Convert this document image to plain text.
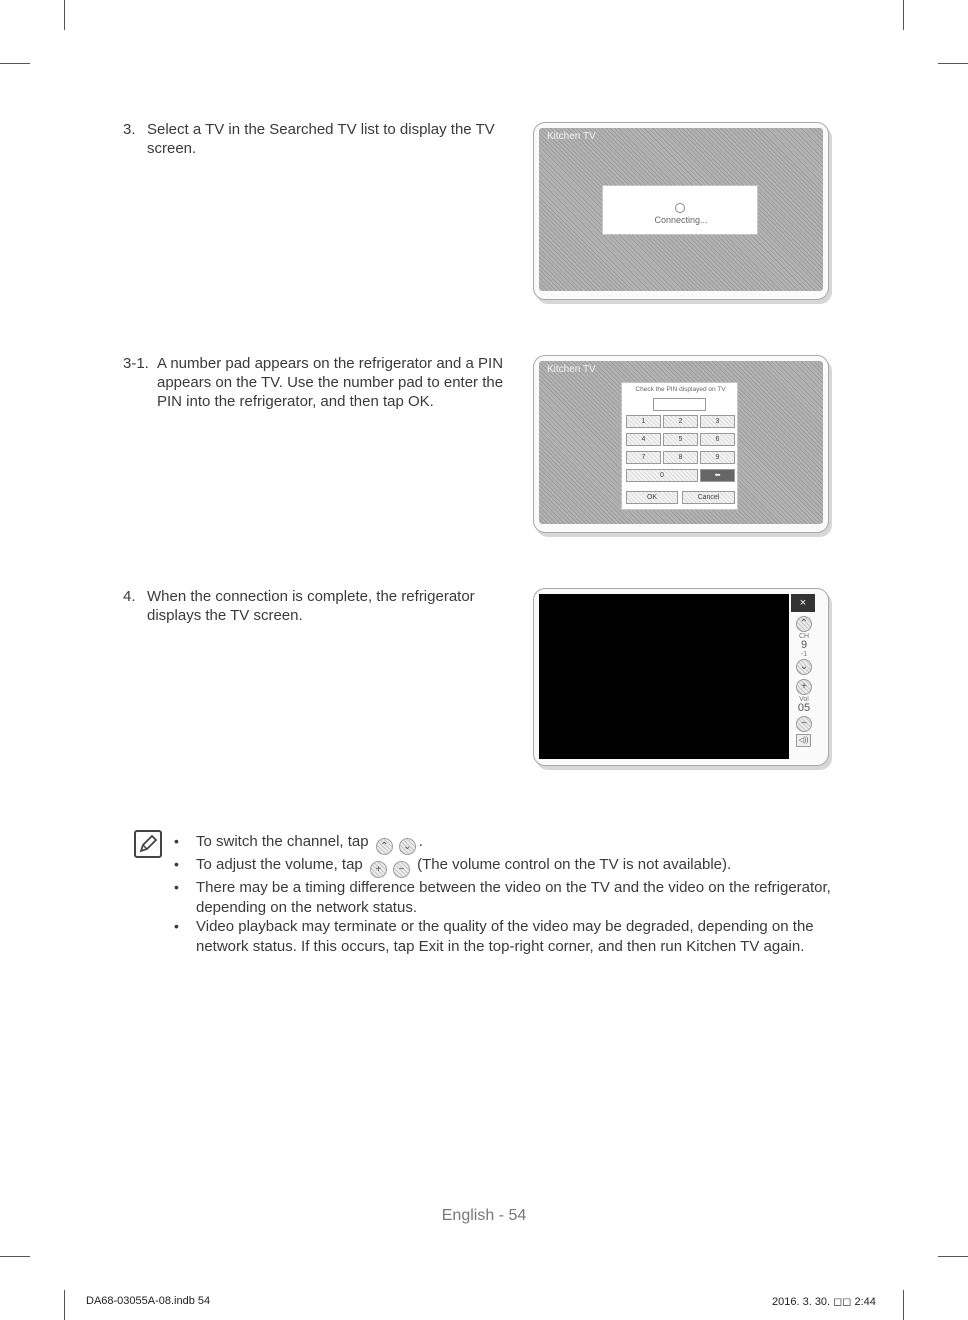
3. Select a TV in the Searched TV list to display the TV screen.
Kitchen TV
Connecting...
3-1. A number pad appears on the refrigerator and a PIN appears on the TV. Use the number pad to enter the PIN into the refrigerator, and then tap OK.
Kitchen TV
Check the PIN displayed on TV
1	2	3
4	5	6
7	8	9
0	⬅
OK	Cancel
4. When the connection is complete, the refrigerator displays the TV screen.
×
⌃
CH
9
-1
⌄
+
Vol
05
−
◁))
• To switch the channel, tap ⌃ ⌄ .
• To adjust the volume, tap + − (The volume control on the TV is not available).
• There may be a timing difference between the video on the TV and the video on the refrigerator, depending on the network status.
• Video playback may terminate or the quality of the video may be degraded, depending on the network status. If this occurs, tap Exit in the top-right corner, and then run Kitchen TV again.
English - 54
DA68-03055A-08.indb 54	2016. 3. 30. ◻◻ 2:44
